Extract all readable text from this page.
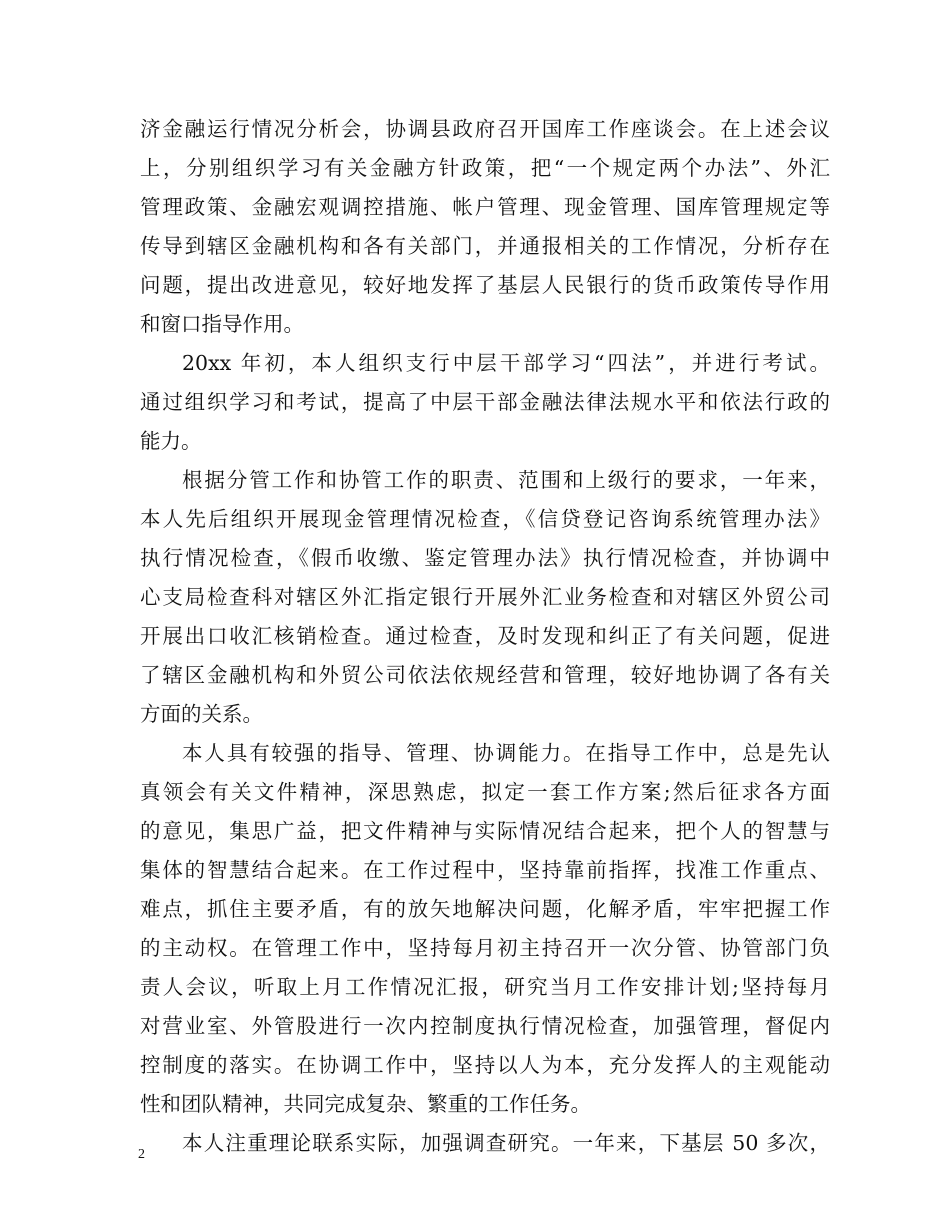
济金融运行情况分析会，协调县政府召开国库工作座谈会。在上述会议
上，分别组织学习有关金融方针政策，把“一个规定两个办法”、外汇
管理政策、金融宏观调控措施、帐户管理、现金管理、国库管理规定等
传导到辖区金融机构和各有关部门，并通报相关的工作情况，分析存在
问题，提出改进意见，较好地发挥了基层人民银行的货币政策传导作用
和窗口指导作用。
20xx 年初，本人组织支行中层干部学习“四法”，并进行考试。
通过组织学习和考试，提高了中层干部金融法律法规水平和依法行政的
能力。
根据分管工作和协管工作的职责、范围和上级行的要求，一年来，
本人先后组织开展现金管理情况检查，《信贷登记咨询系统管理办法》
执行情况检查，《假币收缴、鉴定管理办法》执行情况检查，并协调中
心支局检查科对辖区外汇指定银行开展外汇业务检查和对辖区外贸公司
开展出口收汇核销检查。通过检查，及时发现和纠正了有关问题，促进
了辖区金融机构和外贸公司依法依规经营和管理，较好地协调了各有关
方面的关系。
本人具有较强的指导、管理、协调能力。在指导工作中，总是先认
真领会有关文件精神，深思熟虑，拟定一套工作方案;然后征求各方面
的意见，集思广益，把文件精神与实际情况结合起来，把个人的智慧与
集体的智慧结合起来。在工作过程中，坚持靠前指挥，找准工作重点、
难点，抓住主要矛盾，有的放矢地解决问题，化解矛盾，牢牢把握工作
的主动权。在管理工作中，坚持每月初主持召开一次分管、协管部门负
责人会议，听取上月工作情况汇报，研究当月工作安排计划;坚持每月
对营业室、外管股进行一次内控制度执行情况检查，加强管理，督促内
控制度的落实。在协调工作中，坚持以人为本，充分发挥人的主观能动
性和团队精神，共同完成复杂、繁重的工作任务。
本人注重理论联系实际，加强调查研究。一年来，下基层 50 多次，
2
